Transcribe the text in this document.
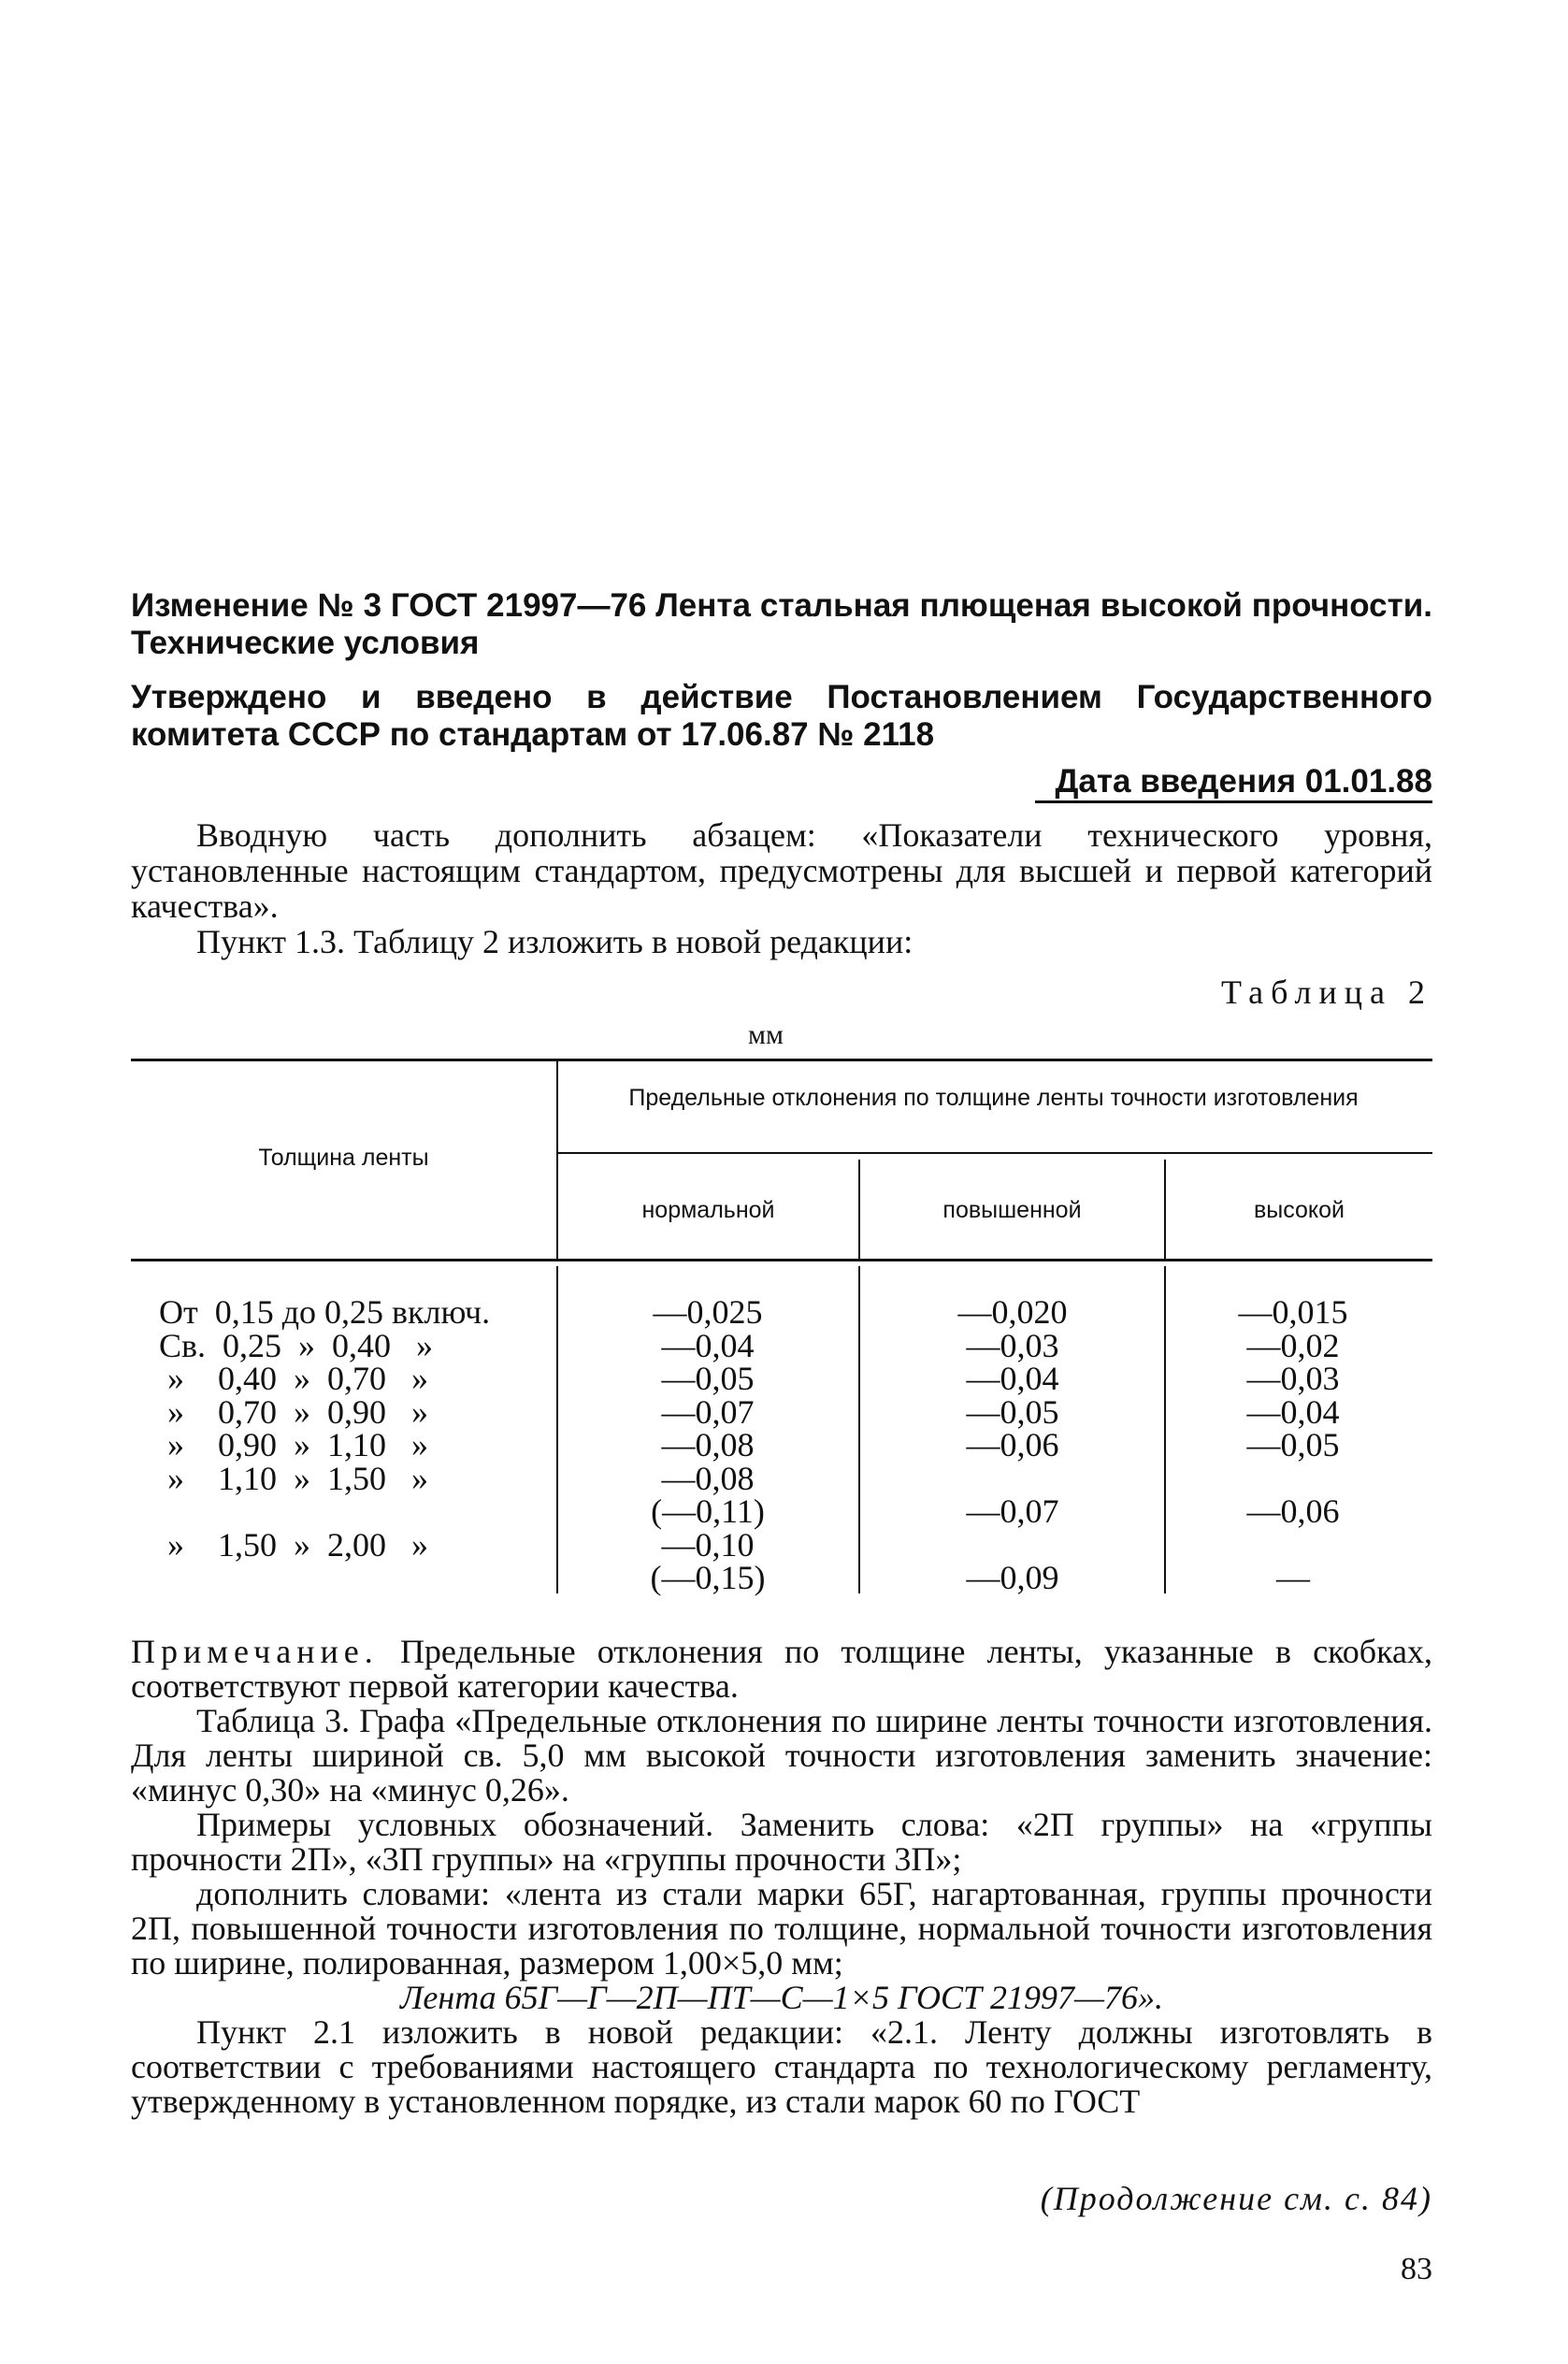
Изменение № 3 ГОСТ 21997—76 Лента стальная плющеная высокой прочности. Технические условия

Утверждено и введено в действие Постановлением Государственного комитета СССР по стандартам от 17.06.87 № 2118

Дата введения 01.01.88

Вводную часть дополнить абзацем: «Показатели технического уровня, установленные настоящим стандартом, предусмотрены для высшей и первой категорий качества».

Пункт 1.3. Таблицу 2 изложить в новой редакции:

Таблица 2
мм
Толщина ленты
Предельные отклонения по толщине ленты точности изготовления
нормальной	повышенной	высокой
От  0,15 до 0,25 включ.
Св.  0,25  »  0,40   »
»    0,40  »  0,70   »
»    0,70  »  0,90   »
»    0,90  »  1,10   »
»    1,10  »  1,50   »

»    1,50  »  2,00   »
—0,025
—0,04
—0,05
—0,07
—0,08
—0,08
(—0,11)
—0,10
(—0,15)
—0,020
—0,03
—0,04
—0,05
—0,06

—0,07

—0,09
—0,015
—0,02
—0,03
—0,04
—0,05

—0,06

—

Примечание. Предельные отклонения по толщине ленты, указанные в скобках, соответствуют первой категории качества.

Таблица 3. Графа «Предельные отклонения по ширине ленты точности изготовления. Для ленты шириной св. 5,0 мм высокой точности изготовления заменить значение: «минус 0,30» на «минус 0,26».

Примеры условных обозначений. Заменить слова: «2П группы» на «группы прочности 2П», «3П группы» на «группы прочности 3П»;

дополнить словами: «лента из стали марки 65Г, нагартованная, группы прочности 2П, повышенной точности изготовления по толщине, нормальной точности изготовления по ширине, полированная, размером 1,00×5,0 мм;

Лента 65Г—Г—2П—ПТ—С—1×5 ГОСТ 21997—76».

Пункт 2.1 изложить в новой редакции: «2.1. Ленту должны изготовлять в соответствии с требованиями настоящего стандарта по технологическому регламенту, утвержденному в установленном порядке, из стали марок 60 по ГОСТ

(Продолжение см. с. 84)
83
